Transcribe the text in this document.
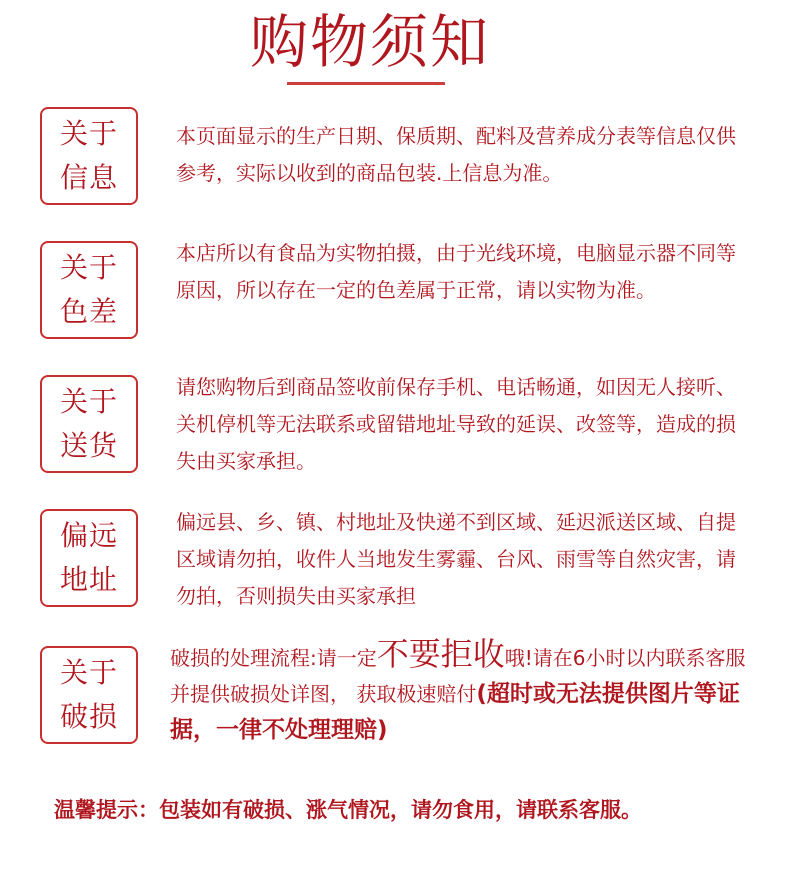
购物须知
关于
信息
本页面显示的生产日期、保质期、配料及营养成分表等信息仅供参考，实际以收到的商品包装.上信息为准。
关于
色差
本店所以有食品为实物拍摄，由于光线环境，电脑显示器不同等原因，所以存在一定的色差属于正常，请以实物为准。
关于
送货
请您购物后到商品签收前保存手机、电话畅通，如因无人接听、关机停机等无法联系或留错地址导致的延误、改签等，造成的损失由买家承担。
偏远
地址
偏远县、乡、镇、村地址及快递不到区域、延迟派送区域、自提区域请勿拍，收件人当地发生雾霾、台风、雨雪等自然灾害，请勿拍，否则损失由买家承担
关于
破损
破损的处理流程:请一定不要拒收哦!请在6小时以内联系客服并提供破损处详图， 获取极速赔付(超时或无法提供图片等证据，一律不处理理赔)
温馨提示：包装如有破损、涨气情况，请勿食用，请联系客服。
